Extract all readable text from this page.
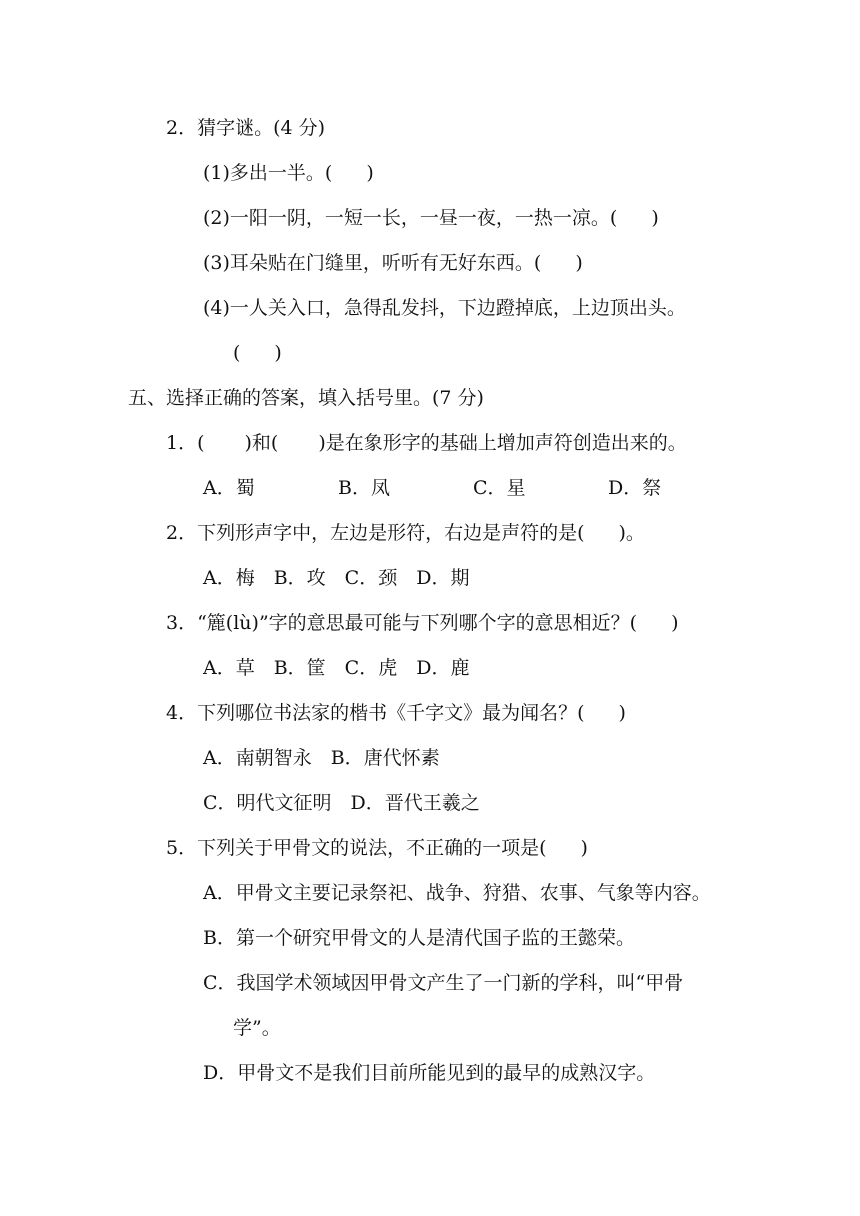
2．猜字谜。(4 分)
(1)多出一半。( )
(2)一阳一阴，一短一长，一昼一夜，一热一凉。( )
(3)耳朵贴在门缝里，听听有无好东西。( )
(4)一人关入口，急得乱发抖，下边蹬掉底，上边顶出头。
( )
五、选择正确的答案，填入括号里。(7 分)
1．( )和( )是在象形字的基础上增加声符创造出来的。
A．蜀	B．凤	C．星	D．祭
2．下列形声字中，左边是形符，右边是声符的是( )。
A．梅　B．攻　C．颈　D．期
3．“簏(lù)”字的意思最可能与下列哪个字的意思相近？( )
A．草　B．筐　C．虎　D．鹿
4．下列哪位书法家的楷书《千字文》最为闻名？( )
A．南朝智永　B．唐代怀素
C．明代文征明　D．晋代王羲之
5．下列关于甲骨文的说法，不正确的一项是( )
A．甲骨文主要记录祭祀、战争、狩猎、农事、气象等内容。
B．第一个研究甲骨文的人是清代国子监的王懿荣。
C．我国学术领域因甲骨文产生了一门新的学科，叫“甲骨
学”。
D．甲骨文不是我们目前所能见到的最早的成熟汉字。
